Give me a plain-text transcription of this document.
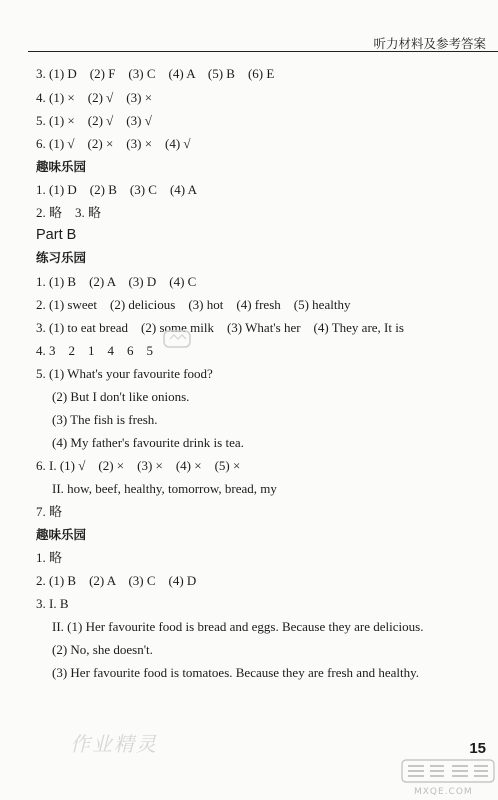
听力材料及参考答案
3. (1) D　(2) F　(3) C　(4) A　(5) B　(6) E
4. (1) ×　(2) √　(3) ×
5. (1) ×　(2) √　(3) √
6. (1) √　(2) ×　(3) ×　(4) √
趣味乐园
1. (1) D　(2) B　(3) C　(4) A
2. 略　3. 略
Part B
练习乐园
1. (1) B　(2) A　(3) D　(4) C
2. (1) sweet　(2) delicious　(3) hot　(4) fresh　(5) healthy
3. (1) to eat bread　(2) some milk　(3) What's her　(4) They are, It is
4. 3　2　1　4　6　5
5. (1) What's your favourite food?
(2) But I don't like onions.
(3) The fish is fresh.
(4) My father's favourite drink is tea.
6. I. (1) √　(2) ×　(3) ×　(4) ×　(5) ×
II. how, beef, healthy, tomorrow, bread, my
7. 略
趣味乐园
1. 略
2. (1) B　(2) A　(3) C　(4) D
3. I. B
II. (1) Her favourite food is bread and eggs. Because they are delicious.
(2) No, she doesn't.
(3) Her favourite food is tomatoes. Because they are fresh and healthy.
作业精灵	15
MXQE.COM
